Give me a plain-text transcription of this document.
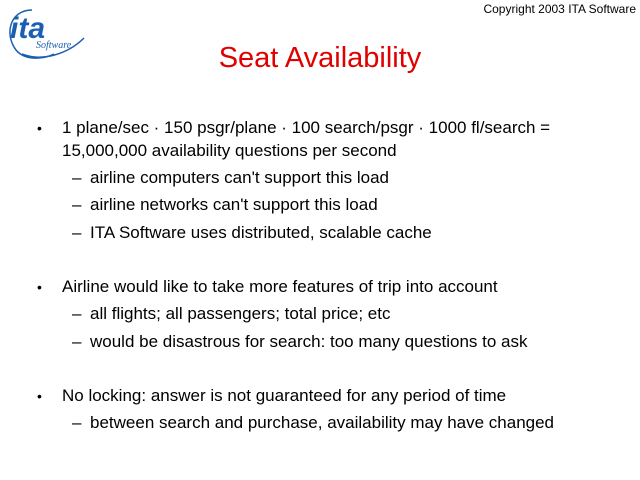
ita
Software
Copyright 2003 ITA Software
Seat Availability
• 1 plane/sec · 150 psgr/plane · 100 search/psgr · 1000 fl/search =
15,000,000 availability questions per second
– airline computers can't support this load
– airline networks can't support this load
– ITA Software uses distributed, scalable cache
• Airline would like to take more features of trip into account
– all flights; all passengers; total price; etc
– would be disastrous for search: too many questions to ask
• No locking: answer is not guaranteed for any period of time
– between search and purchase, availability may have changed
